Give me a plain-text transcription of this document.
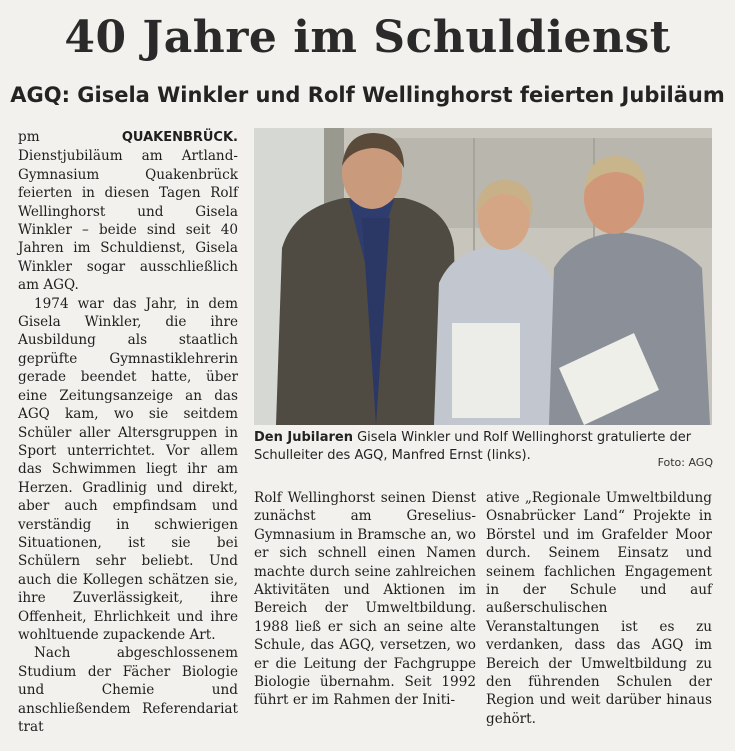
40 Jahre im Schuldienst
AGQ: Gisela Winkler und Rolf Wellinghorst feierten Jubiläum

pm	QUAKENBRÜCK. Dienstjubiläum am Artland-Gymnasium Quakenbrück feierten in diesen Tagen Rolf Wellinghorst und Gisela Winkler – beide sind seit 40 Jahren im Schuldienst, Gisela Winkler sogar ausschließlich am AGQ.

1974 war das Jahr, in dem Gisela Winkler, die ihre Ausbildung als staatlich geprüfte Gymnastiklehrerin gerade beendet hatte, über eine Zeitungsanzeige an das AGQ kam, wo sie seitdem Schüler aller Altersgruppen in Sport unterrichtet. Vor allem das Schwimmen liegt ihr am Herzen. Gradlinig und direkt, aber auch empfindsam und verständig in schwierigen Situationen, ist sie bei Schülern sehr beliebt. Und auch die Kollegen schätzen sie, ihre Zuverlässigkeit, ihre Offenheit, Ehrlichkeit und ihre wohltuende zupackende Art.

Nach abgeschlossenem Studium der Fächer Biologie und Chemie und anschließendem Referendariat trat

Den Jubilaren Gisela Winkler und Rolf Wellinghorst gratulierte der Schulleiter des AGQ, Manfred Ernst (links).	Foto: AGQ

Rolf Wellinghorst seinen Dienst zunächst am Greselius-Gymnasium in Bramsche an, wo er sich schnell einen Namen machte durch seine zahlreichen Aktivitäten und Aktionen im Bereich der Umweltbildung. 1988 ließ er sich an seine alte Schule, das AGQ, versetzen, wo er die Leitung der Fachgruppe Biologie übernahm. Seit 1992 führt er im Rahmen der Initi-

ative „Regionale Umweltbildung Osnabrücker Land“ Projekte in Börstel und im Grafelder Moor durch. Seinem Einsatz und seinem fachlichen Engagement in der Schule und auf außerschulischen Veranstaltungen ist es zu verdanken, dass das AGQ im Bereich der Umweltbildung zu den führenden Schulen der Region und weit darüber hinaus gehört.
